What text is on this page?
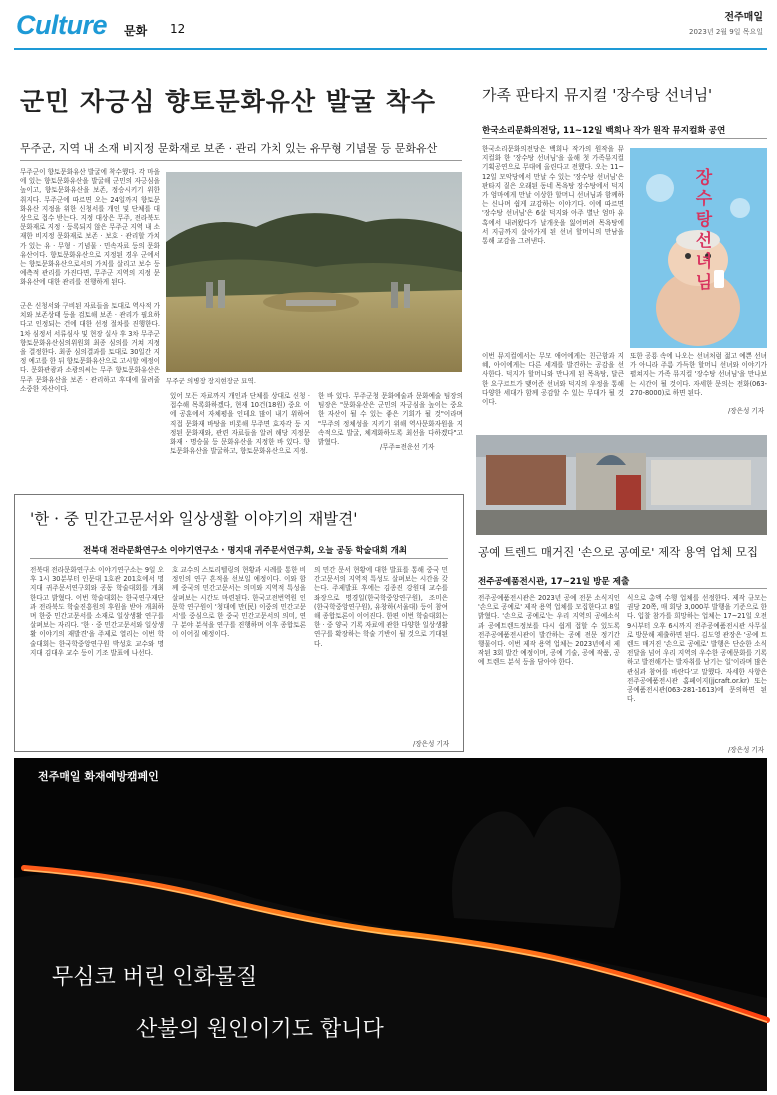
Culture 문화 12
전주매일
2023년 2월 9일 목요일
군민 자긍심 향토문화유산 발굴 착수
무주군, 지역 내 소재 비지정 문화재로 보존 · 관리 가치 있는 유무형 기념물 등 문화유산
무주군이 향토문화유산 발굴에 착수했다. 각 마을에 있는 향토문화유산을 발굴해 군민의 자긍심을 높이고, 향토문화유산을 보존, 정승시키기 위한 취지다. 무주군에 따르면 오는 24일까지 향토문화유산 지정을 위한 신청서를 개인 및 단체를 대상으로 접수 받는다. 지정 대상은 무주, 전라북도 문화재로 지정 · 등록되지 않은 무주군 지역 내 소재한 비지정 문화재로 보존 · 보호 · 관리할 가치가 있는 유 · 무형 · 기념물 · 민속자료 등의 문화유산이다. 향토문화유산으로 지정된 경우 군에서는 향토문화유산으로서의 가치를 살리고 보수 등 예측적 관리를 가진다면, 무주군 지역의 지정 문화유산에 대한 관리를 진행하게 된다.
군은 신청서와 구비된 자료들을 토대로 역사적 가치와 보존상태 등을 검토해 보존 · 관리가 필요하다고 인정되는 건에 대한 선정 절차를 진행한다. 1차 심정서 서류심사 및 현장 실사 후 3차 무주군 향토문화유산심의위원회 최종 심의를 거쳐 지정을 결정한다. 최종 심의결과를 토대로 30일간 지정 예고를 한 뒤 향토문화유산으로 고시할 예정이다. 문화관광과 소광의씨는 무주 향토문화유산은 무주 문화유산을 보존 · 관리하고 후대에 물려줄 소중한 자산이다.
무주군 의병장 장지현장군 묘역.
있어 모든 자료까지 개인과 단체를 상대로 신청 · 접수해 목록화하겠다, 현재 10건(18원) 중요 이에 공훈에서 자체평을 인데요 많이 내기 위하여 직접 문화재 바탕을 비롯해 무주면 효자각 등 지정된 문화재와, 관련 자료들을 알려 해당 지정문화재 · 명승물 등 문화유산을 지정한 바 있다. 향토문화유산을 발굴하고, 향토문화유산으로 지정.
한 바 있다. 무주군청 문화예술과 문화예술 팀장의 팀장은 "문화유산은 군민의 자긍심을 높이는 중요한 자산이 될 수 있는 좋은 기회가 될 것"이라며 "무주의 정체성을 지키기 위해 역사문화자원을 지속적으로 발굴, 체계화하도록 최선을 다하겠다"고 밝혔다.
/무주=전운선 기자
가족 판타지 뮤지컬 '장수탕 선녀님'
한국소리문화의전당, 11~12일 백희나 작가 원작 뮤지컬화 공연
한국소리문화의전당은 백희나 작가의 원작을 뮤지컬화 한 '장수탕 선녀님'을 올해 첫 가족뮤지컬 기획공연으로 무대에 올린다고 전했다. 오는 11~12일 모악당에서 만날 수 있는 '장수탕 선녀님'은 판타지 짙은 오래된 동네 목욕탕 장수탕에서 덕지가 엄마에게 만날 이상한 할머니 선녀님과 함께하는 신나며 쉽게 교감하는 이야기다. 이에 따르면 '장수탕 선녀님'은 6살 덕지와 아주 별난 엄마 유혹에서 내려왔다가 날개옷을 잃어버려 목욕탕에서 지금까지 살아가게 된 선녀 할머니의 만남을 통해 교감을 그려낸다.
장수탕 선녀님
이번 뮤지컬에서는 무모 애어에게는 친근함과 지혜, 아이에게는 다른 세계를 발견하는 공감을 선사한다. 덕지가 할머니와 만나게 된 목욕탕, 달큰한 요구르트가 맺어준 선녀와 덕지의 우정을 통해 다양한 세대가 함께 공감할 수 있는 무대가 될 것이다.
또한 공룡 속에 나오는 선녀처럼 젊고 예쁜 선녀가 아니라 주름 가득한 할머니 선녀와 이야기가 펼쳐지는 가족 뮤지컬 '장수탕 선녀님'을 만나보는 시간이 될 것이다. 자세한 문의는 전화(063-270-8000)로 하면 된다.
/장은성 기자
공예 트렌드 매거진 '손으로 공예로' 제작 용역 업체 모집
전주공예품전시관, 17~21일 방문 제출
전주공예품전시관은 2023년 공예 전문 소식지인 '손으로 공예로' 제작 용역 업체를 모집한다고 8일 밝혔다. '손으로 공예로'는 우리 지역의 공예소식과 공예트렌드정보를 다시 쉽게 접할 수 있도록 전주공예품전시관이 발간하는 공예 전문 정기간행물이다. 이번 제작 용역 업체는 2023년에서 제작된 3회 발간 예정이며, 공예 기술, 공예 작품, 공예 트렌드 분석 등을 담아야 한다.
식으로 총액 수행 업체를 선정한다. 제작 규모는 권당 20쪽, 매 회당 3,000부 발행을 기준으로 한다. 입찰 참가를 희망하는 업체는 17~21일 오전 9시부터 오후 6시까지 전주공예품전시관 사무실로 방문해 제출하면 된다. 김도영 관장은 '공예 트렌드 매거진 '손으로 공예로' 발행은 단순한 소식 전달을 넘어 우리 지역의 우수한 공예문화를 기록하고 발전해가는 발자취를 남기는 일'이라며 많은 관심과 참여를 바란다'고 말했다. 자세한 사항은 전주공예품전시관 홈페이지(jjcraft.or.kr) 또는 공예품전시관(063-281-1613)에 문의하면 된다.
/장은성 기자
'한 · 중 민간고문서와 일상생활 이야기의 재발견'
전북대 전라문화연구소 이야기연구소 · 명지대 귀주문서연구회, 오늘 공동 학술대회 개최
전북대 전라문화연구소 이야기연구소는 9일 오후 1시 30분부터 인문대 1호관 201호에서 명지대 귀주문서연구회와 공동 학술대회를 개최한다고 밝혔다. 이번 학술대회는 한국연구재단과 전라북도 학술진흥원의 후원을 받아 개최하며 한중 민간고문서를 소재로 일상생활 연구를 살펴보는 자리다. '한 · 중 민간고문서와 일상생활 이야기의 재발견'을 주제로 열리는 이번 학술대회는 한국학중앙연구원 박성호 교수와 명지대 김대우 교수 등이 기조 발표에 나선다.
호 교수의 스토리텔링의 현황과 시례를 통한 비정인의 연구 흔적을 선보일 예정이다. 이와 함께 중국의 민간고문서는 의미와 지역적 특성을 살펴보는 시간도 마련된다. 한국고전번역원 인문학 연구원이 '청대에 만(民) 이중의 민간고문서'를 중심으로 한 중국 민간고문서의 의미, 연구 분야 분석을 연구를 진행하며 이후 종합토론이 이어질 예정이다.
의 민간 문서 현황에 대한 발표를 통해 중국 민간고문서의 지역적 특성도 살펴보는 시간을 갖는다. 주제발표 후에는 김종진 강원대 교수를 좌장으로 명경일(한국학중앙연구원), 조미은(한국학중앙연구원), 유창하(서울대) 등이 참여해 종합토론이 이어진다. 한편 이번 학술대회는 한 · 중 양국 기록 자료에 관한 다양한 일상생활 연구를 확장하는 학술 기반이 될 것으로 기대된다.
/장은성 기자
전주매일 화재예방캠페인
무심코 버린 인화물질
산불의 원인이기도 합니다
